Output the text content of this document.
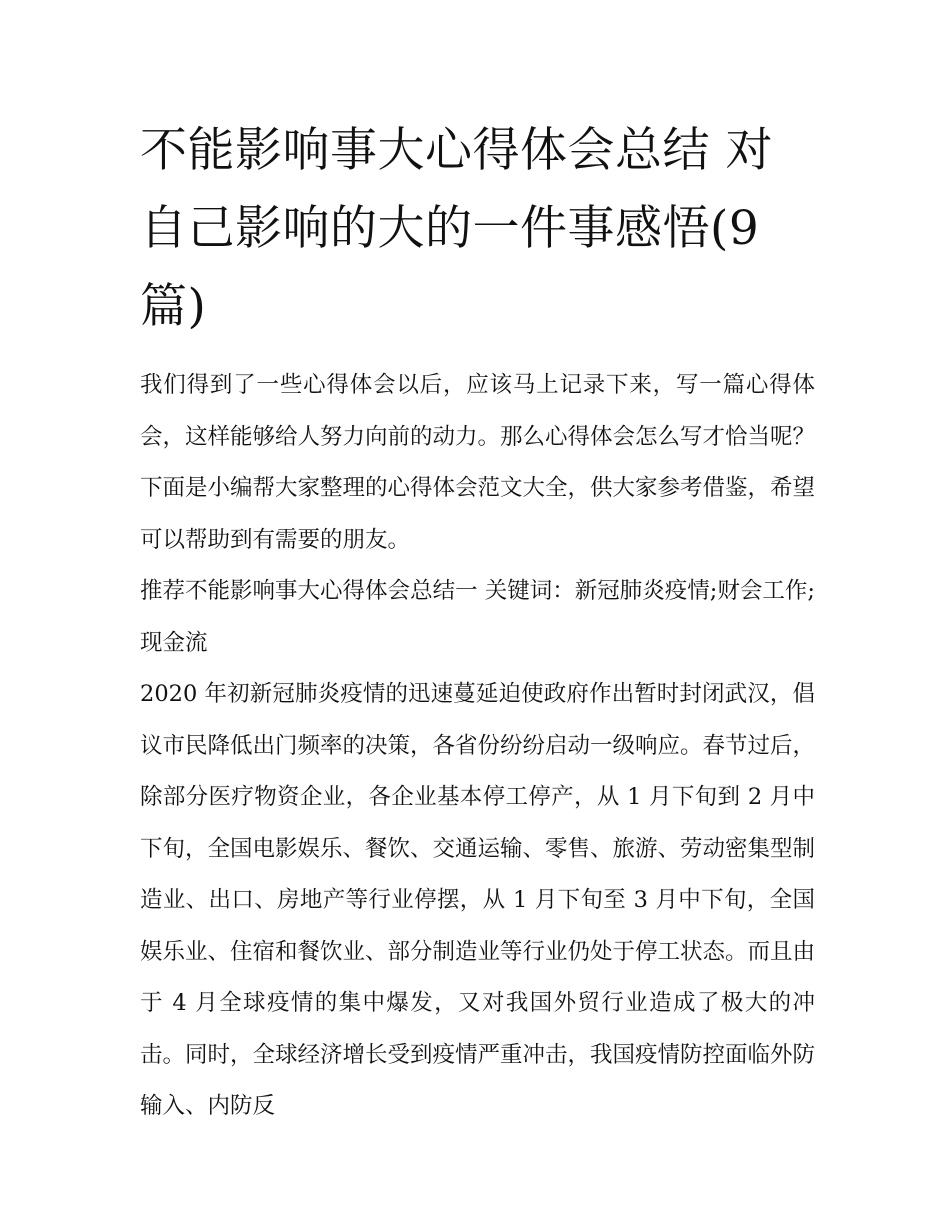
不能影响事大心得体会总结 对自己影响的大的一件事感悟(9篇)

我们得到了一些心得体会以后，应该马上记录下来，写一篇心得体会，这样能够给人努力向前的动力。那么心得体会怎么写才恰当呢？下面是小编帮大家整理的心得体会范文大全，供大家参考借鉴，希望可以帮助到有需要的朋友。

推荐不能影响事大心得体会总结一 关键词：新冠肺炎疫情;财会工作;现金流

2020 年初新冠肺炎疫情的迅速蔓延迫使政府作出暂时封闭武汉，倡议市民降低出门频率的决策，各省份纷纷启动一级响应。春节过后，除部分医疗物资企业，各企业基本停工停产，从 1 月下旬到 2 月中下旬，全国电影娱乐、餐饮、交通运输、零售、旅游、劳动密集型制造业、出口、房地产等行业停摆，从 1 月下旬至 3 月中下旬，全国娱乐业、住宿和餐饮业、部分制造业等行业仍处于停工状态。而且由于 4 月全球疫情的集中爆发，又对我国外贸行业造成了极大的冲击。同时，全球经济增长受到疫情严重冲击，我国疫情防控面临外防输入、内防反
